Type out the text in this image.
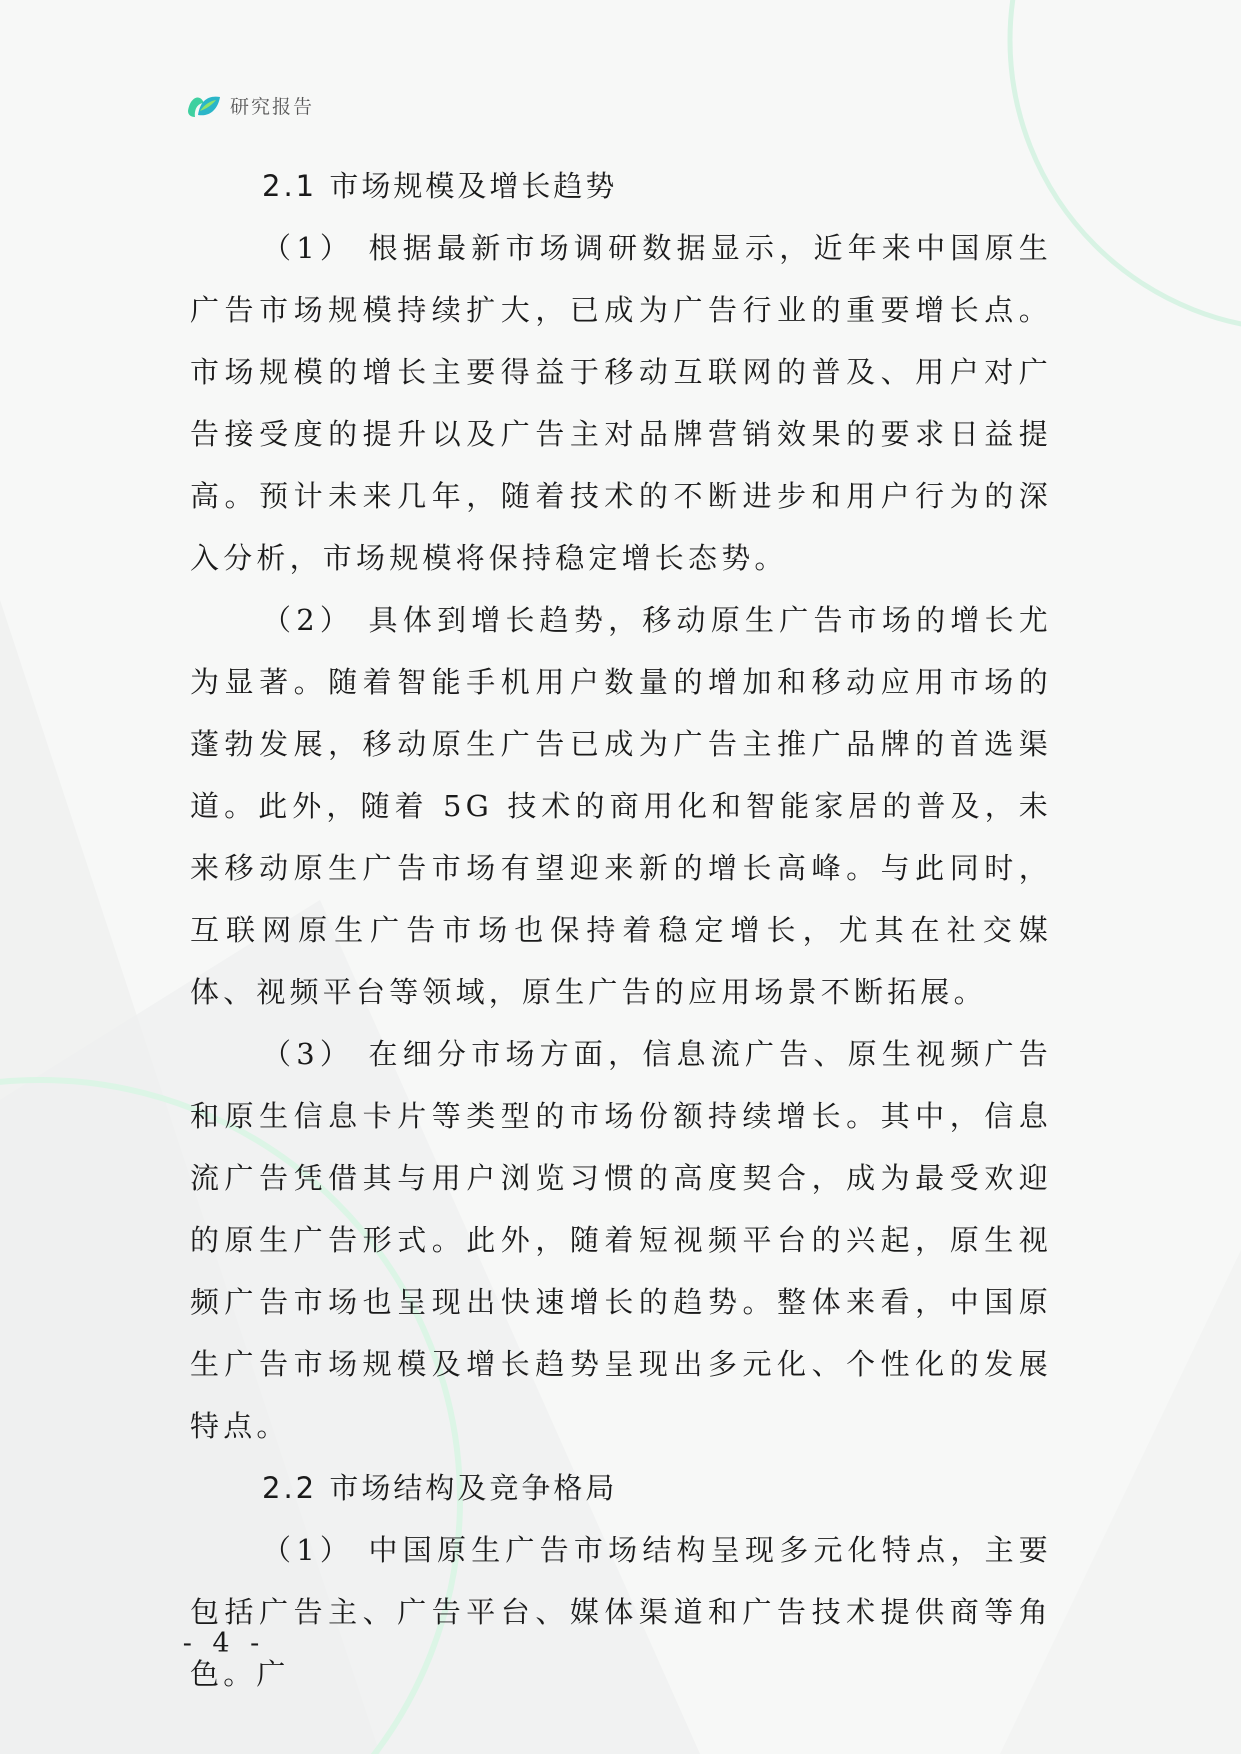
研究报告
2.1 市场规模及增长趋势

（1） 根据最新市场调研数据显示，近年来中国原生广告市场规模持续扩大，已成为广告行业的重要增长点。市场规模的增长主要得益于移动互联网的普及、用户对广告接受度的提升以及广告主对品牌营销效果的要求日益提高。预计未来几年，随着技术的不断进步和用户行为的深入分析，市场规模将保持稳定增长态势。

（2） 具体到增长趋势，移动原生广告市场的增长尤为显著。随着智能手机用户数量的增加和移动应用市场的蓬勃发展，移动原生广告已成为广告主推广品牌的首选渠道。此外，随着 5G 技术的商用化和智能家居的普及，未来移动原生广告市场有望迎来新的增长高峰。与此同时，互联网原生广告市场也保持着稳定增长，尤其在社交媒体、视频平台等领域，原生广告的应用场景不断拓展。

（3） 在细分市场方面，信息流广告、原生视频广告和原生信息卡片等类型的市场份额持续增长。其中，信息流广告凭借其与用户浏览习惯的高度契合，成为最受欢迎的原生广告形式。此外，随着短视频平台的兴起，原生视频广告市场也呈现出快速增长的趋势。整体来看，中国原生广告市场规模及增长趋势呈现出多元化、个性化的发展特点。

2.2 市场结构及竞争格局

（1） 中国原生广告市场结构呈现多元化特点，主要包括广告主、广告平台、媒体渠道和广告技术提供商等角色。广

- 4 -
